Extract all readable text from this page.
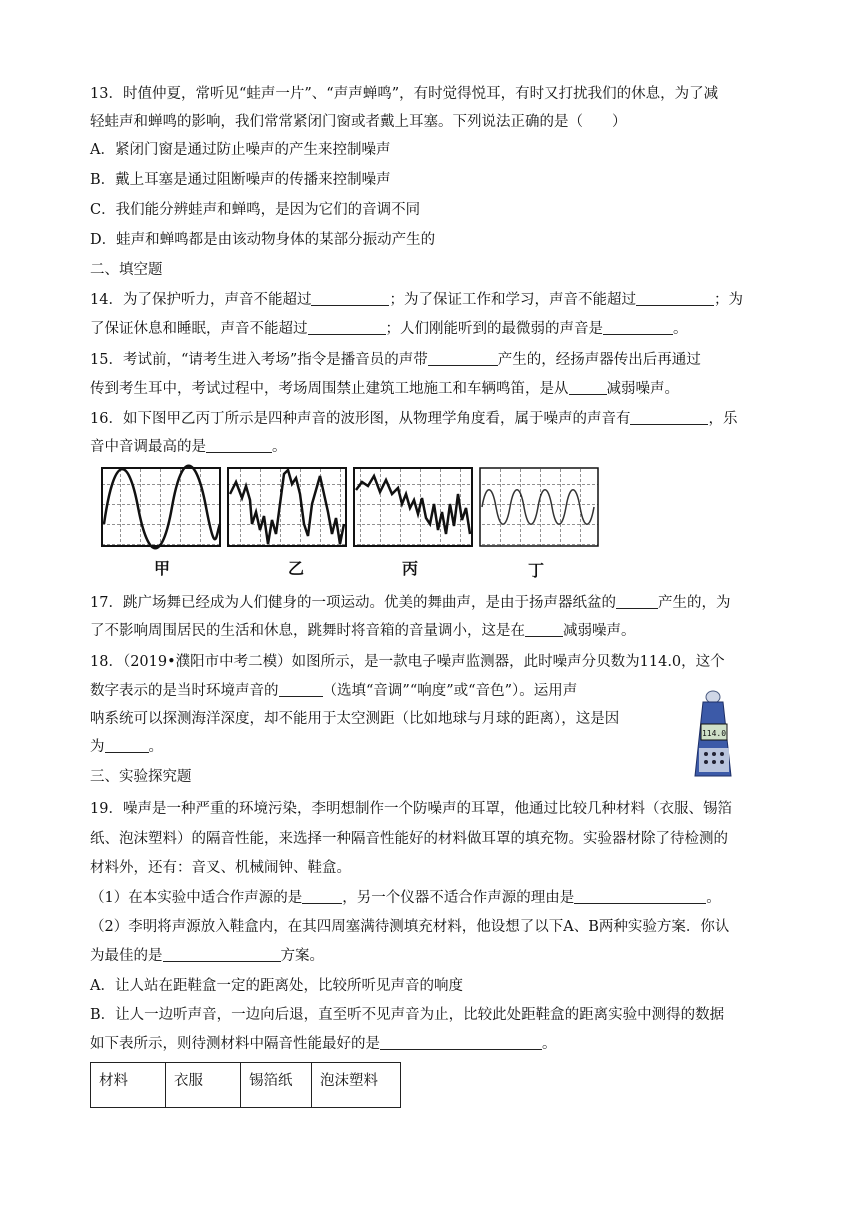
13．时值仲夏，常听见“蛙声一片”、“声声蝉鸣”，有时觉得悦耳，有时又打扰我们的休息，为了减
轻蛙声和蝉鸣的影响，我们常常紧闭门窗或者戴上耳塞。下列说法正确的是（　　）
A．紧闭门窗是通过防止噪声的产生来控制噪声
B．戴上耳塞是通过阻断噪声的传播来控制噪声
C．我们能分辨蛙声和蝉鸣，是因为它们的音调不同
D．蛙声和蝉鸣都是由该动物身体的某部分振动产生的
二、填空题
14．为了保护听力，声音不能超过	；为了保证工作和学习，声音不能超过	；为
了保证休息和睡眠，声音不能超过	；人们刚能听到的最微弱的声音是	。
15．考试前，“请考生进入考场”指令是播音员的声带	产生的，经扬声器传出后再通过
传到考生耳中，考试过程中，考场周围禁止建筑工地施工和车辆鸣笛，是从	减弱噪声。
16．如下图甲乙丙丁所示是四种声音的波形图，从物理学角度看，属于噪声的声音有	，乐
音中音调最高的是	。
甲	乙	丙	丁
17．跳广场舞已经成为人们健身的一项运动。优美的舞曲声，是由于扬声器纸盆的	产生的，为
了不影响周围居民的生活和休息，跳舞时将音箱的音量调小，这是在	减弱噪声。
18．（2019•濮阳市中考二模）如图所示，是一款电子噪声监测器，此时噪声分贝数为114.0，这个
数字表示的是当时环境声音的	（选填“音调”“响度”或“音色”）。运用声
呐系统可以探测海洋深度，却不能用于太空测距（比如地球与月球的距离），这是因
为	。
114.0
三、实验探究题
19．噪声是一种严重的环境污染，李明想制作一个防噪声的耳罩，他通过比较几种材料（衣服、锡箔
纸、泡沫塑料）的隔音性能，来选择一种隔音性能好的材料做耳罩的填充物。实验器材除了待检测的
材料外，还有：音叉、机械闹钟、鞋盒。
（1）在本实验中适合作声源的是	，另一个仪器不适合作声源的理由是	。
（2）李明将声源放入鞋盒内，在其四周塞满待测填充材料，他设想了以下A、B两种实验方案．你认
为最佳的是	方案。
A．让人站在距鞋盒一定的距离处，比较所听见声音的响度
B．让人一边听声音，一边向后退，直至听不见声音为止，比较此处距鞋盒的距离实验中测得的数据
如下表所示，则待测材料中隔音性能最好的是	。
材料	衣服	锡箔纸	泡沫塑料
